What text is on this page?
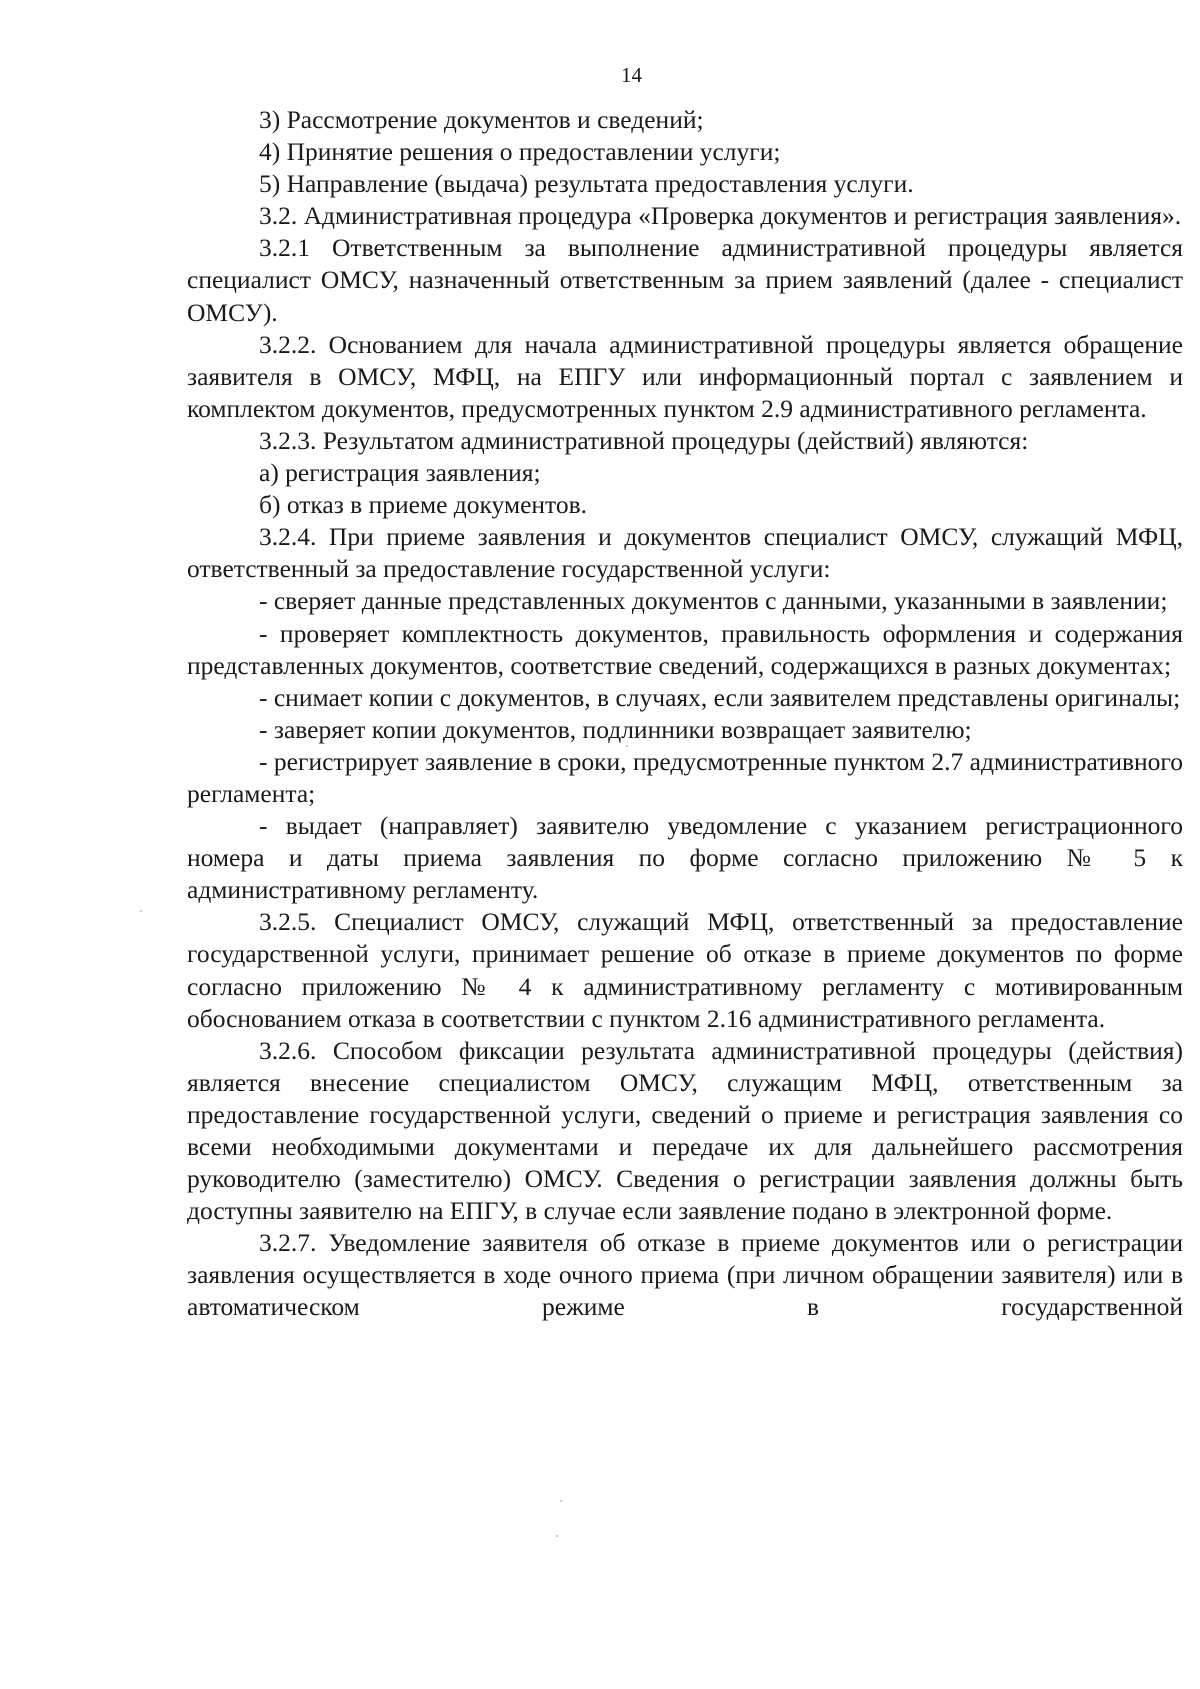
14

3) Рассмотрение документов и сведений;

4) Принятие решения о предоставлении услуги;

5) Направление (выдача) результата предоставления услуги.

3.2. Административная процедура «Проверка документов и регистрация заявления».

3.2.1 Ответственным за выполнение административной процедуры является специалист ОМСУ, назначенный ответственным за прием заявлений (далее - специалист ОМСУ).

3.2.2. Основанием для начала административной процедуры является обращение заявителя в ОМСУ, МФЦ, на ЕПГУ или информационный портал с заявлением и комплектом документов, предусмотренных пунктом 2.9 административного регламента.

3.2.3. Результатом административной процедуры (действий) являются:

а) регистрация заявления;

б) отказ в приеме документов.

3.2.4. При приеме заявления и документов специалист ОМСУ, служащий МФЦ, ответственный за предоставление государственной услуги:

- сверяет данные представленных документов с данными, указанными в заявлении;

- проверяет комплектность документов, правильность оформления и содержания представленных документов, соответствие сведений, содержащихся в разных документах;

- снимает копии с документов, в случаях, если заявителем представлены оригиналы;

- заверяет копии документов, подлинники возвращает заявителю;

- регистрирует заявление в сроки, предусмотренные пунктом 2.7 административного регламента;

- выдает (направляет) заявителю уведомление с указанием регистрационного номера и даты приема заявления по форме согласно приложению № 5 к административному регламенту.

3.2.5. Специалист ОМСУ, служащий МФЦ, ответственный за предоставление государственной услуги, принимает решение об отказе в приеме документов по форме согласно приложению № 4 к административному регламенту с мотивированным обоснованием отказа в соответствии с пунктом 2.16 административного регламента.

3.2.6. Способом фиксации результата административной процедуры (действия) является внесение специалистом ОМСУ, служащим МФЦ, ответственным за предоставление государственной услуги, сведений о приеме и регистрация заявления со всеми необходимыми документами и передаче их для дальнейшего рассмотрения руководителю (заместителю) ОМСУ. Сведения о регистрации заявления должны быть доступны заявителю на ЕПГУ, в случае если заявление подано в электронной форме.

3.2.7. Уведомление заявителя об отказе в приеме документов или о регистрации заявления осуществляется в ходе очного приема (при личном обращении заявителя) или в автоматическом режиме в государственной
